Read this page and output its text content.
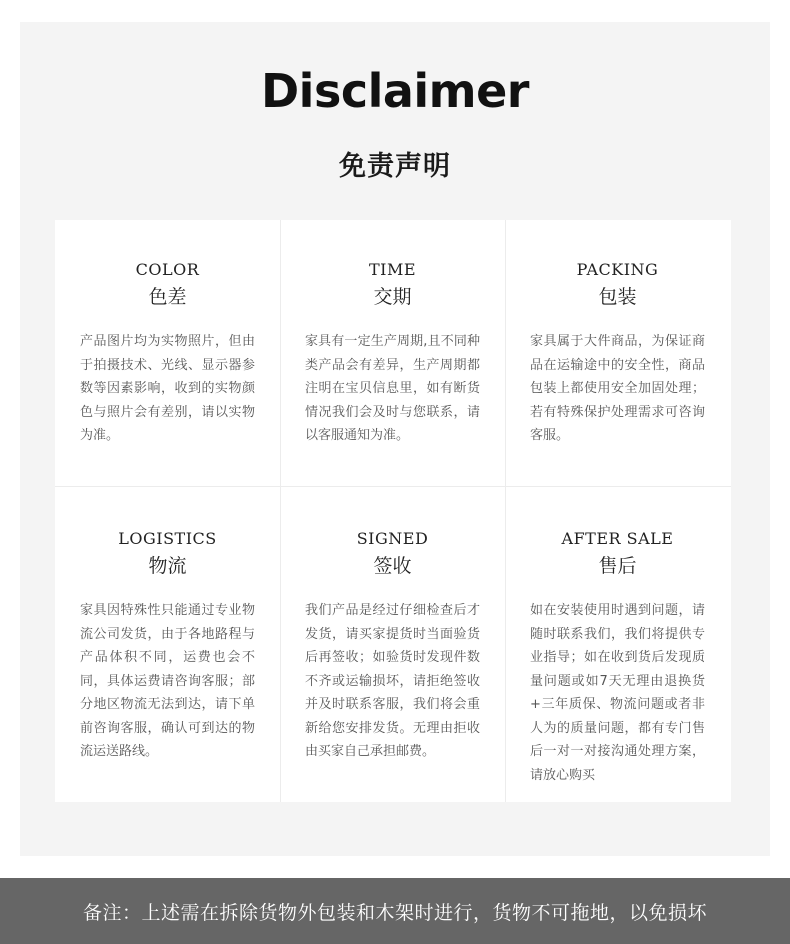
Disclaimer
免责声明
COLOR
色差
产品图片均为实物照片，但由于拍摄技术、光线、显示器参数等因素影响，收到的实物颜色与照片会有差别，请以实物为准。
TIME
交期
家具有一定生产周期,且不同种类产品会有差异，生产周期都注明在宝贝信息里，如有断货情况我们会及时与您联系，请以客服通知为准。
PACKING
包装
家具属于大件商品，为保证商品在运输途中的安全性，商品包装上都使用安全加固处理；若有特殊保护处理需求可咨询客服。
LOGISTICS
物流
家具因特殊性只能通过专业物流公司发货，由于各地路程与产品体积不同，运费也会不同，具体运费请咨询客服；部分地区物流无法到达，请下单前咨询客服，确认可到达的物流运送路线。
SIGNED
签收
我们产品是经过仔细检查后才发货，请买家提货时当面验货后再签收；如验货时发现件数不齐或运输损坏，请拒绝签收并及时联系客服，我们将会重新给您安排发货。无理由拒收由买家自己承担邮费。
AFTER SALE
售后
如在安装使用时遇到问题，请随时联系我们，我们将提供专业指导；如在收到货后发现质量问题或如7天无理由退换货+三年质保、物流问题或者非人为的质量问题，都有专门售后一对一对接沟通处理方案，请放心购买
备注：上述需在拆除货物外包装和木架时进行，货物不可拖地，以免损坏
